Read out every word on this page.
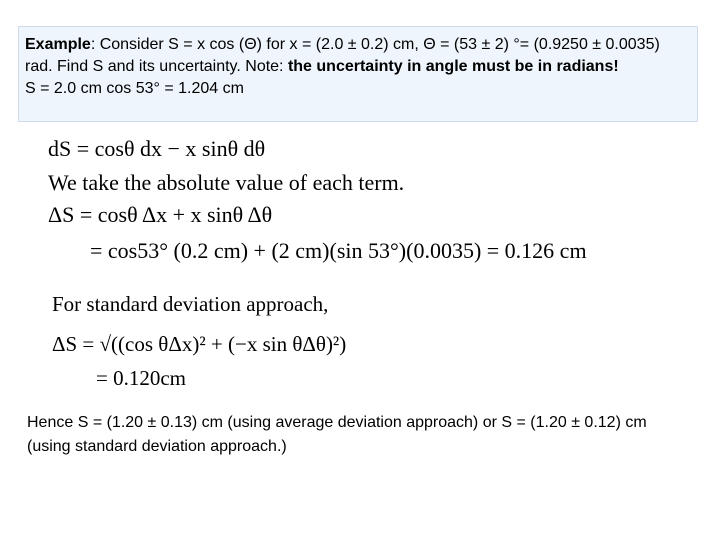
Example: Consider S = x cos (Θ) for x = (2.0 ± 0.2) cm, Θ = (53 ± 2) °= (0.9250 ± 0.0035) rad. Find S and its uncertainty. Note: the uncertainty in angle must be in radians!
S = 2.0 cm cos 53° = 1.204 cm
dS = cosθ dx − x sinθ dθ
We take the absolute value of each term.
ΔS = cosθ Δx + x sinθ Δθ
= cos53° (0.2 cm) + (2 cm)(sin 53°)(0.0035) = 0.126 cm
For standard deviation approach,
ΔS = √((cos θΔx)² + (−x sin θΔθ)²)
= 0.120cm
Hence S = (1.20 ± 0.13) cm (using average deviation approach) or S = (1.20 ± 0.12) cm (using standard deviation approach.)
